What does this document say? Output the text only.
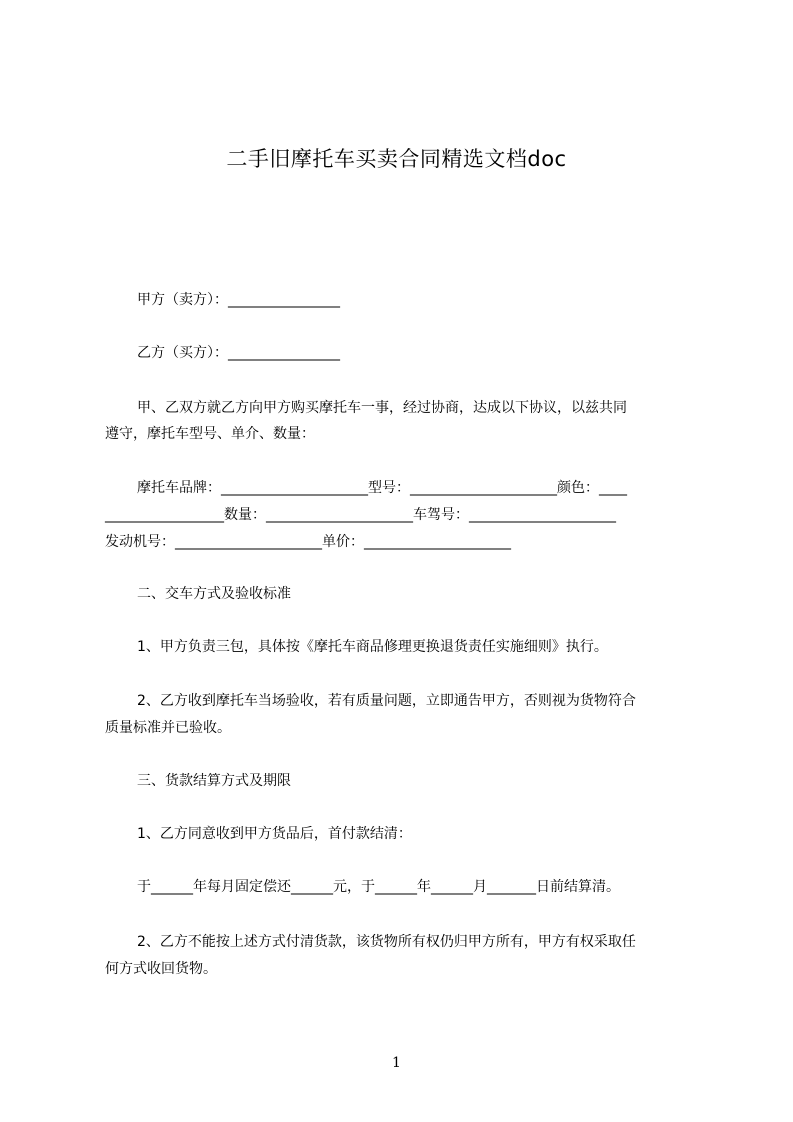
二手旧摩托车买卖合同精选文档doc
甲方（卖方）：________________
乙方（买方）：________________
甲、乙双方就乙方向甲方购买摩托车一事，经过协商，达成以下协议，以兹共同
遵守，摩托车型号、单介、数量：
摩托车品牌：_____________________型号：_____________________颜色：____
_________________数量：_____________________车驾号：_____________________
发动机号：_____________________单价：_____________________
二、交车方式及验收标准
1、甲方负责三包，具体按《摩托车商品修理更换退货责任实施细则》执行。
2、乙方收到摩托车当场验收，若有质量问题，立即通告甲方，否则视为货物符合
质量标准并已验收。
三、货款结算方式及期限
1、乙方同意收到甲方货品后，首付款结清：
于______年每月固定偿还______元，于______年______月_______日前结算清。
2、乙方不能按上述方式付清货款，该货物所有权仍归甲方所有，甲方有权采取任
何方式收回货物。
1
